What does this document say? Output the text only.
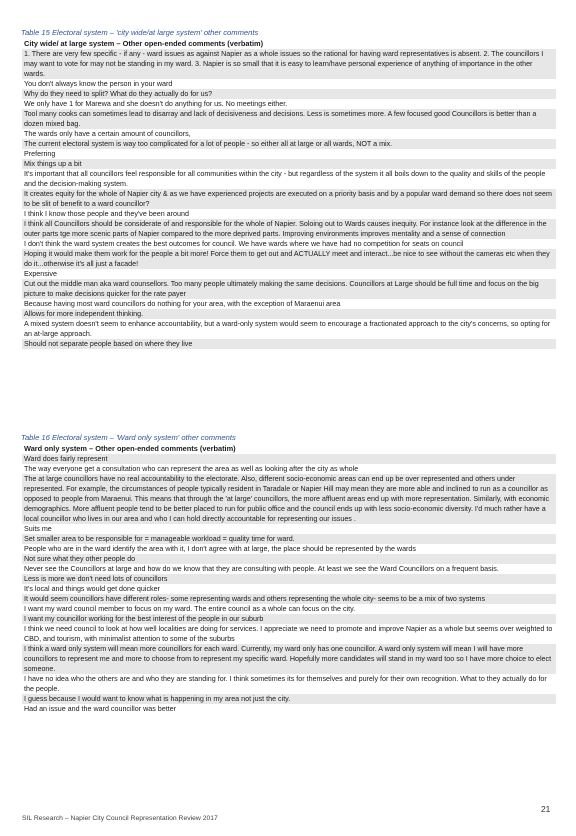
Table 15 Electoral system – 'city wide/at large system' other comments
City wide/ at large system – Other open-ended comments (verbatim)
1. There are very few specific - if any - ward issues as against Napier as a whole issues so the rational for having ward representatives is absent. 2. The councillors I may want to vote for may not be standing in my ward. 3. Napier is so small that it is easy to learn/have personal experience of anything of importance in the other wards.
You don't always know the person in your ward
Why do they need to split? What do they actually do for us?
We only have 1 for Marewa and she doesn't do anything for us. No meetings either.
Tool many cooks can sometimes lead to disarray and lack of decisiveness and decisions. Less is sometimes more. A few focused good Councillors is better than a dozen mixed bag.
The wards only have a certain amount of councillors,
The current electoral system is way too complicated for a lot of people - so either all at large or all wards, NOT a mix.
Preferring
Mix things up a bit
It's important that all councillors feel responsible for all communities within the city - but regardless of the system it all boils down to the quality and skills of the people and the decision-making system.
It creates equity for the whole of Napier city & as we have experienced projects are executed on a priority basis and by a popular ward demand so there does not seem to be slit of benefit to a ward councillor?
I think I know those people and they've been around
I think all Councillors should be considerate of and responsible for the whole of Napier. Soloing out to Wards causes inequity. For instance look at the difference in the outer parts tge more scenic parts of Napier compared to the more deprived parts. Improving environments improves mentality and a sense of connection
I don't think the ward system creates the best outcomes for council. We have wards where we have had no competition for seats on council
Hoping it would make them work for the people a bit more! Force them to get out and ACTUALLY meet and interact...be nice to see without the cameras etc when they do it...otherwise it's all just a facade!
Expensive
Cut out the middle man aka ward counsellors. Too many people ultimately making the same decisions. Councillors at Large should be full time and focus on the big picture to make decisions quicker for the rate payer
Because having most ward councillors do nothing for your area, with the exception of Maraenui area
Allows for more independent thinking.
A mixed system doesn't seem to enhance accountability, but a ward-only system would seem to encourage a fractionated approach to the city's concerns, so opting for an at-large approach.
Should not separate people based on where they live
Table 16 Electoral system – 'Ward only system' other comments
Ward only system – Other open-ended comments (verbatim)
Ward does fairly represent
The way everyone get a consultation who can represent the area as well as looking after the city as whole
The at large councillors have no real accountability to the electorate. Also, different socio-economic areas can end up be over represented and others under represented. For example, the circumstances of people typically resident in Taradale or Napier Hill may mean they are more able and inclined to run as a councillor as opposed to people from Maraenui. This means that through the 'at large' councillors, the more affluent areas end up with more representation. Similarly, with economic demographics. More affluent people tend to be better placed to run for public office and the council ends up with less socio-economic diversity. I'd much rather have a local councillor who lives in our area and who I can hold directly accountable for representing our issues .
Suits me
Set smaller area to be responsible for = manageable workload = quality time for ward.
People who are in the ward identify the area with it, I don't agree with at large, the place should be represented by the wards
Not sure what they other people do
Never see the Councillors at large and how do we know that they are consulting with people. At least we see the Ward Councillors on a frequent basis.
Less is more we don't need lots of councillors
It's local and things would get done quicker
It would seem councillors have different roles- some representing wards and others representing the whole city- seems to be a mix of two systems
I want my ward council member to focus on my ward. The entire council as a whole can focus on the city.
I want my councillor working for the best interest of the people in our suburb
I think we need council to look at how well localities are doing for services. I appreciate we need to promote and improve Napier as a whole but seems over weighted to CBD, and tourism, with minimalist attention to some of the suburbs
I think a ward only system will mean more councillors for each ward. Currently, my ward only has one councillor. A ward only system will mean I will have more councillors to represent me and more to choose from to represent my specific ward. Hopefully more candidates will stand in my ward too so I have more choice to elect someone.
I have no idea who the others are and who they are standing for. I think sometimes its for themselves and purely for their own recognition. What to they actually do for the people.
I guess because I would want to know what is happening in my area not just the city.
Had an issue and the ward councillor was better
SIL Research – Napier City Council Representation Review 2017
21
